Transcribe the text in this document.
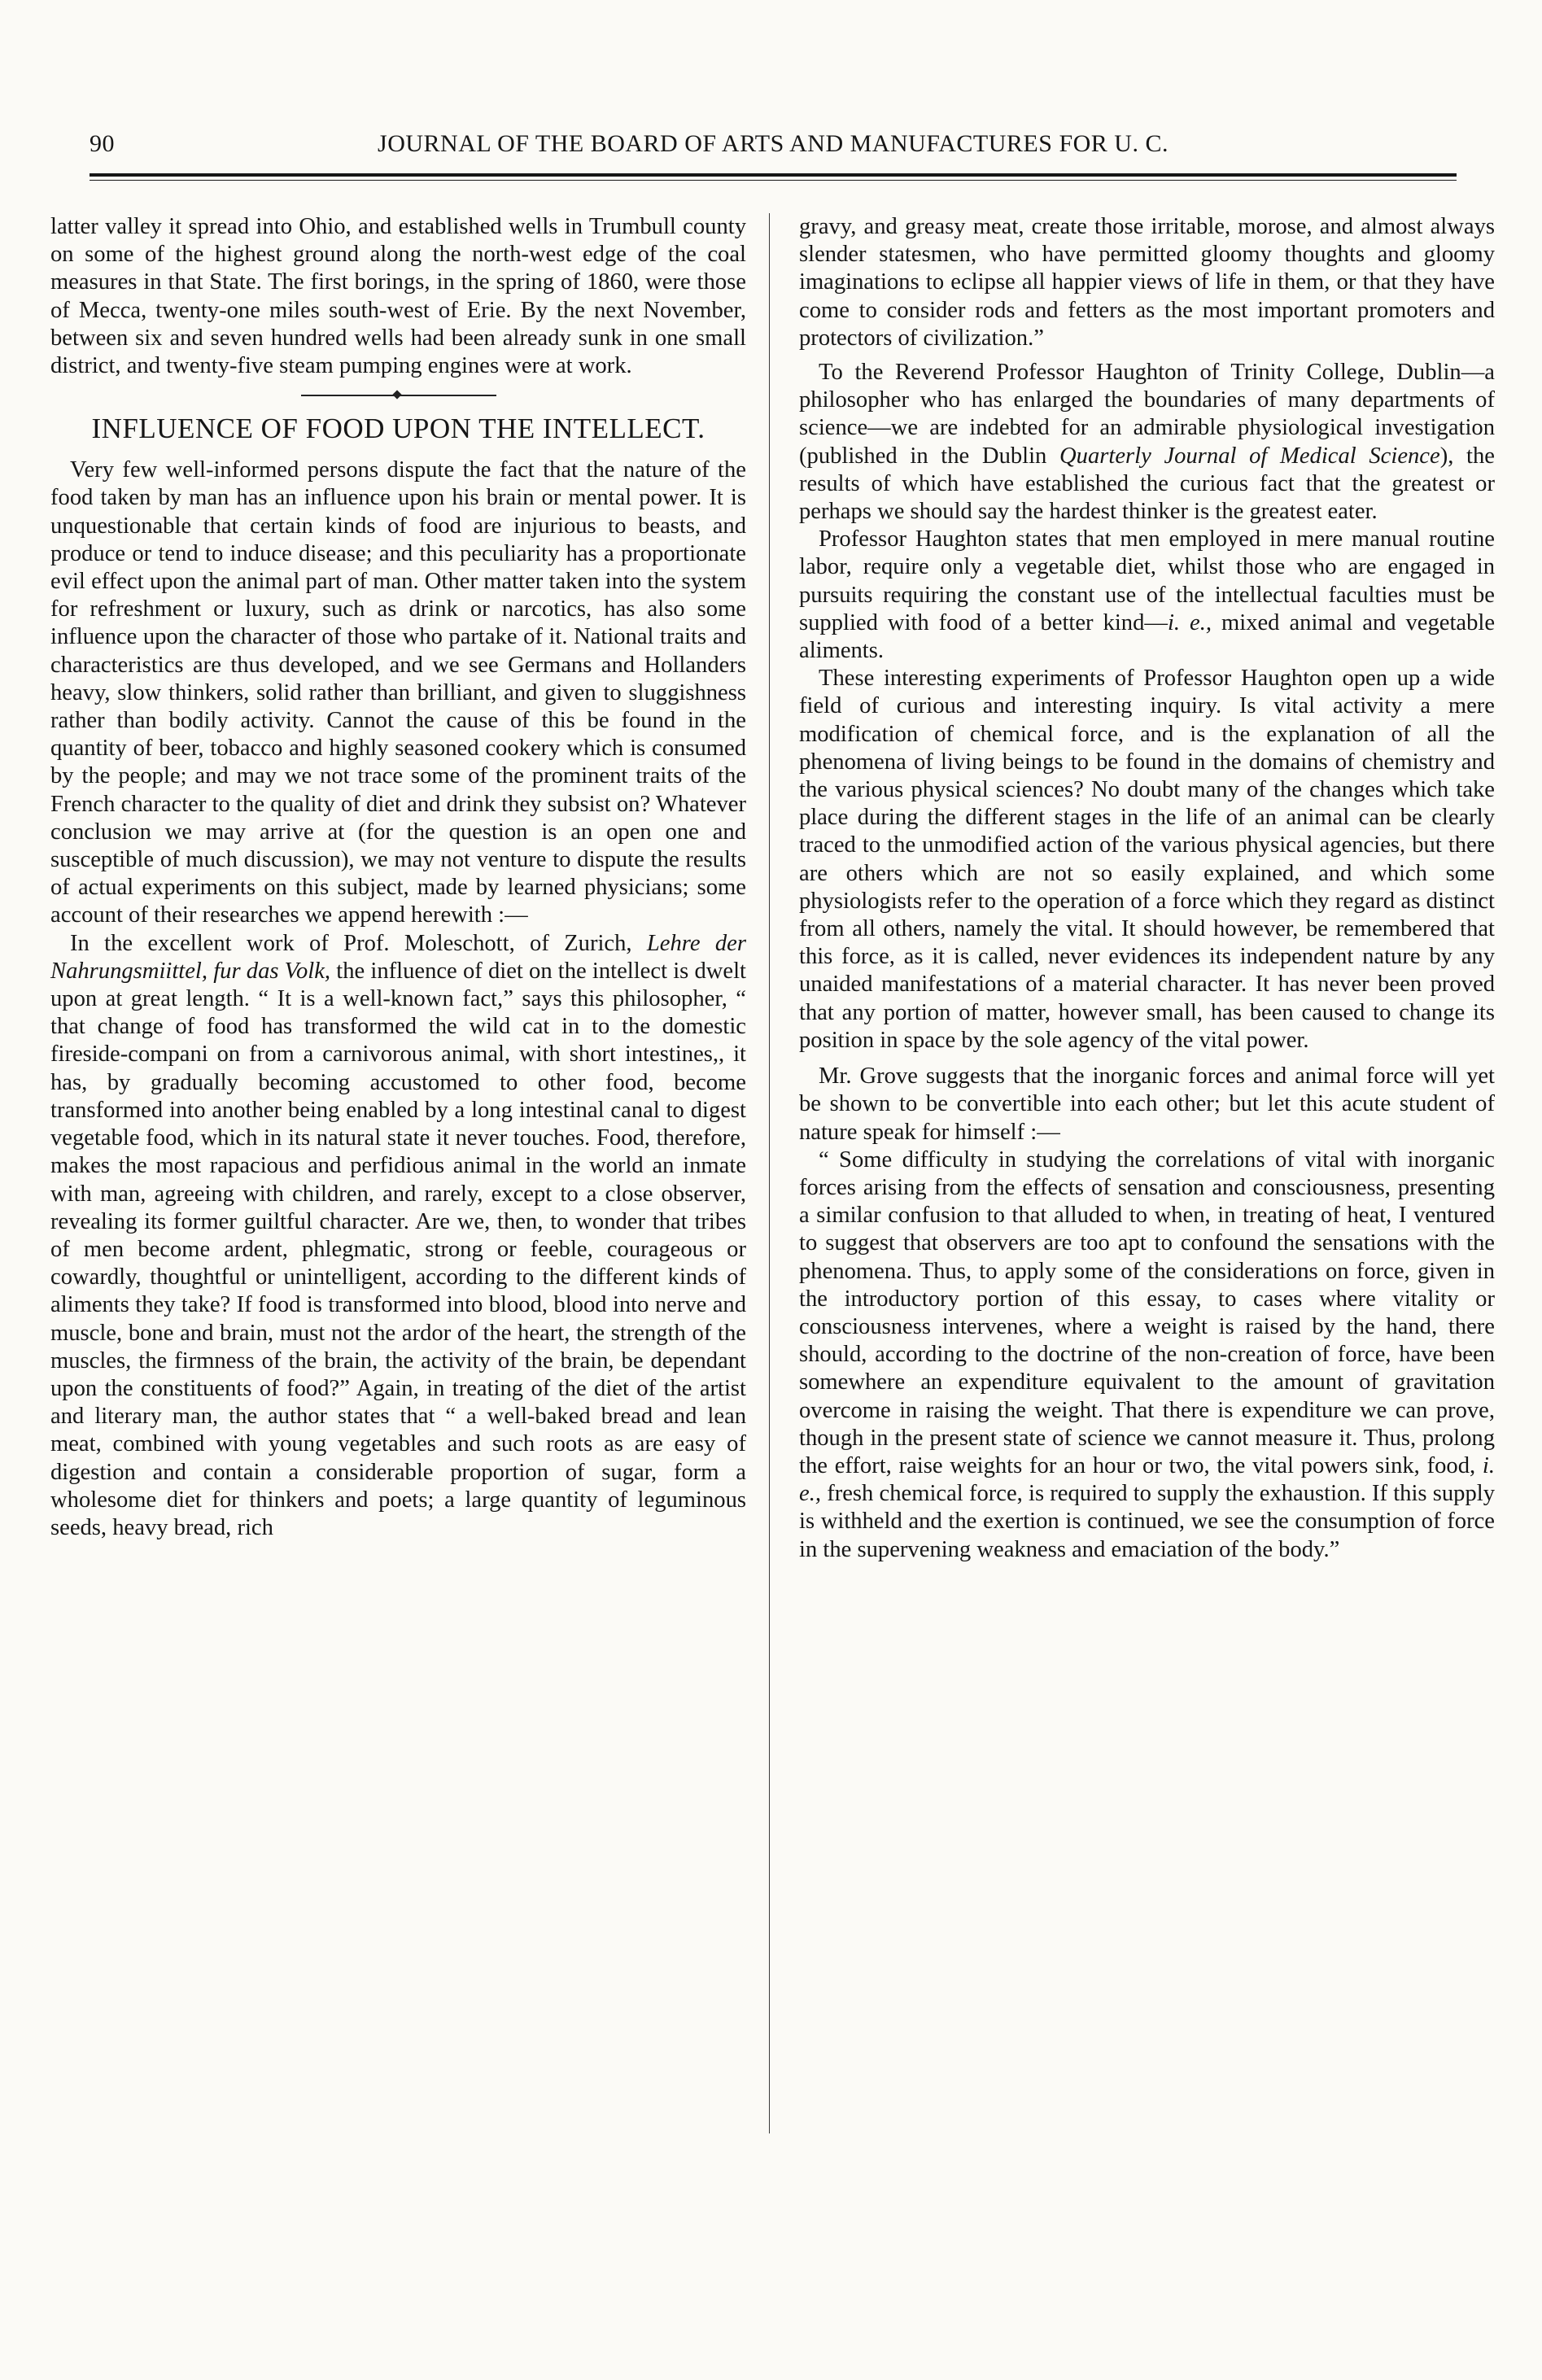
90	JOURNAL OF THE BOARD OF ARTS AND MANUFACTURES FOR U. C.

latter valley it spread into Ohio, and established wells in Trumbull county on some of the highest ground along the north-west edge of the coal measures in that State. The first borings, in the spring of 1860, were those of Mecca, twenty-one miles south-west of Erie. By the next November, between six and seven hundred wells had been already sunk in one small district, and twenty-five steam pumping engines were at work.

INFLUENCE OF FOOD UPON THE INTELLECT.

Very few well-informed persons dispute the fact that the nature of the food taken by man has an influence upon his brain or mental power. It is unquestionable that certain kinds of food are injurious to beasts, and produce or tend to induce disease; and this peculiarity has a proportionate evil effect upon the animal part of man. Other matter taken into the system for refreshment or luxury, such as drink or narcotics, has also some influence upon the character of those who partake of it. National traits and characteristics are thus developed, and we see Germans and Hollanders heavy, slow thinkers, solid rather than brilliant, and given to sluggishness rather than bodily activity. Cannot the cause of this be found in the quantity of beer, tobacco and highly seasoned cookery which is consumed by the people; and may we not trace some of the prominent traits of the French character to the quality of diet and drink they subsist on? Whatever conclusion we may arrive at (for the question is an open one and susceptible of much discussion), we may not venture to dispute the results of actual experiments on this subject, made by learned physicians; some account of their researches we append herewith :—

In the excellent work of Prof. Moleschott, of Zurich, Lehre der Nahrungsmiittel, fur das Volk, the influence of diet on the intellect is dwelt upon at great length. “ It is a well-known fact,” says this philosopher, “ that change of food has transformed the wild cat in to the domestic fireside-compani on from a carnivorous animal, with short intestines,, it has, by gradually becoming accustomed to other food, become transformed into another being enabled by a long intestinal canal to digest vegetable food, which in its natural state it never touches. Food, therefore, makes the most rapacious and perfidious animal in the world an inmate with man, agreeing with children, and rarely, except to a close observer, revealing its former guiltful character. Are we, then, to wonder that tribes of men become ardent, phlegmatic, strong or feeble, courageous or cowardly, thoughtful or unintelligent, according to the different kinds of aliments they take? If food is transformed into blood, blood into nerve and muscle, bone and brain, must not the ardor of the heart, the strength of the muscles, the firmness of the brain, the activity of the brain, be dependant upon the constituents of food?” Again, in treating of the diet of the artist and literary man, the author states that “ a well-baked bread and lean meat, combined with young vegetables and such roots as are easy of digestion and contain a considerable proportion of sugar, form a wholesome diet for thinkers and poets; a large quantity of leguminous seeds, heavy bread, rich

gravy, and greasy meat, create those irritable, morose, and almost always slender statesmen, who have permitted gloomy thoughts and gloomy imaginations to eclipse all happier views of life in them, or that they have come to consider rods and fetters as the most important promoters and protectors of civilization.”

To the Reverend Professor Haughton of Trinity College, Dublin—a philosopher who has enlarged the boundaries of many departments of science—we are indebted for an admirable physiological investigation (published in the Dublin Quarterly Journal of Medical Science), the results of which have established the curious fact that the greatest or perhaps we should say the hardest thinker is the greatest eater.

Professor Haughton states that men employed in mere manual routine labor, require only a vegetable diet, whilst those who are engaged in pursuits requiring the constant use of the intellectual faculties must be supplied with food of a better kind—i. e., mixed animal and vegetable aliments.

These interesting experiments of Professor Haughton open up a wide field of curious and interesting inquiry. Is vital activity a mere modification of chemical force, and is the explanation of all the phenomena of living beings to be found in the domains of chemistry and the various physical sciences? No doubt many of the changes which take place during the different stages in the life of an animal can be clearly traced to the unmodified action of the various physical agencies, but there are others which are not so easily explained, and which some physiologists refer to the operation of a force which they regard as distinct from all others, namely the vital. It should however, be remembered that this force, as it is called, never evidences its independent nature by any unaided manifestations of a material character. It has never been proved that any portion of matter, however small, has been caused to change its position in space by the sole agency of the vital power.

Mr. Grove suggests that the inorganic forces and animal force will yet be shown to be convertible into each other; but let this acute student of nature speak for himself :—

“ Some difficulty in studying the correlations of vital with inorganic forces arising from the effects of sensation and consciousness, presenting a similar confusion to that alluded to when, in treating of heat, I ventured to suggest that observers are too apt to confound the sensations with the phenomena. Thus, to apply some of the considerations on force, given in the introductory portion of this essay, to cases where vitality or consciousness intervenes, where a weight is raised by the hand, there should, according to the doctrine of the non-creation of force, have been somewhere an expenditure equivalent to the amount of gravitation overcome in raising the weight. That there is expenditure we can prove, though in the present state of science we cannot measure it. Thus, prolong the effort, raise weights for an hour or two, the vital powers sink, food, i. e., fresh chemical force, is required to supply the exhaustion. If this supply is withheld and the exertion is continued, we see the consumption of force in the supervening weakness and emaciation of the body.”
